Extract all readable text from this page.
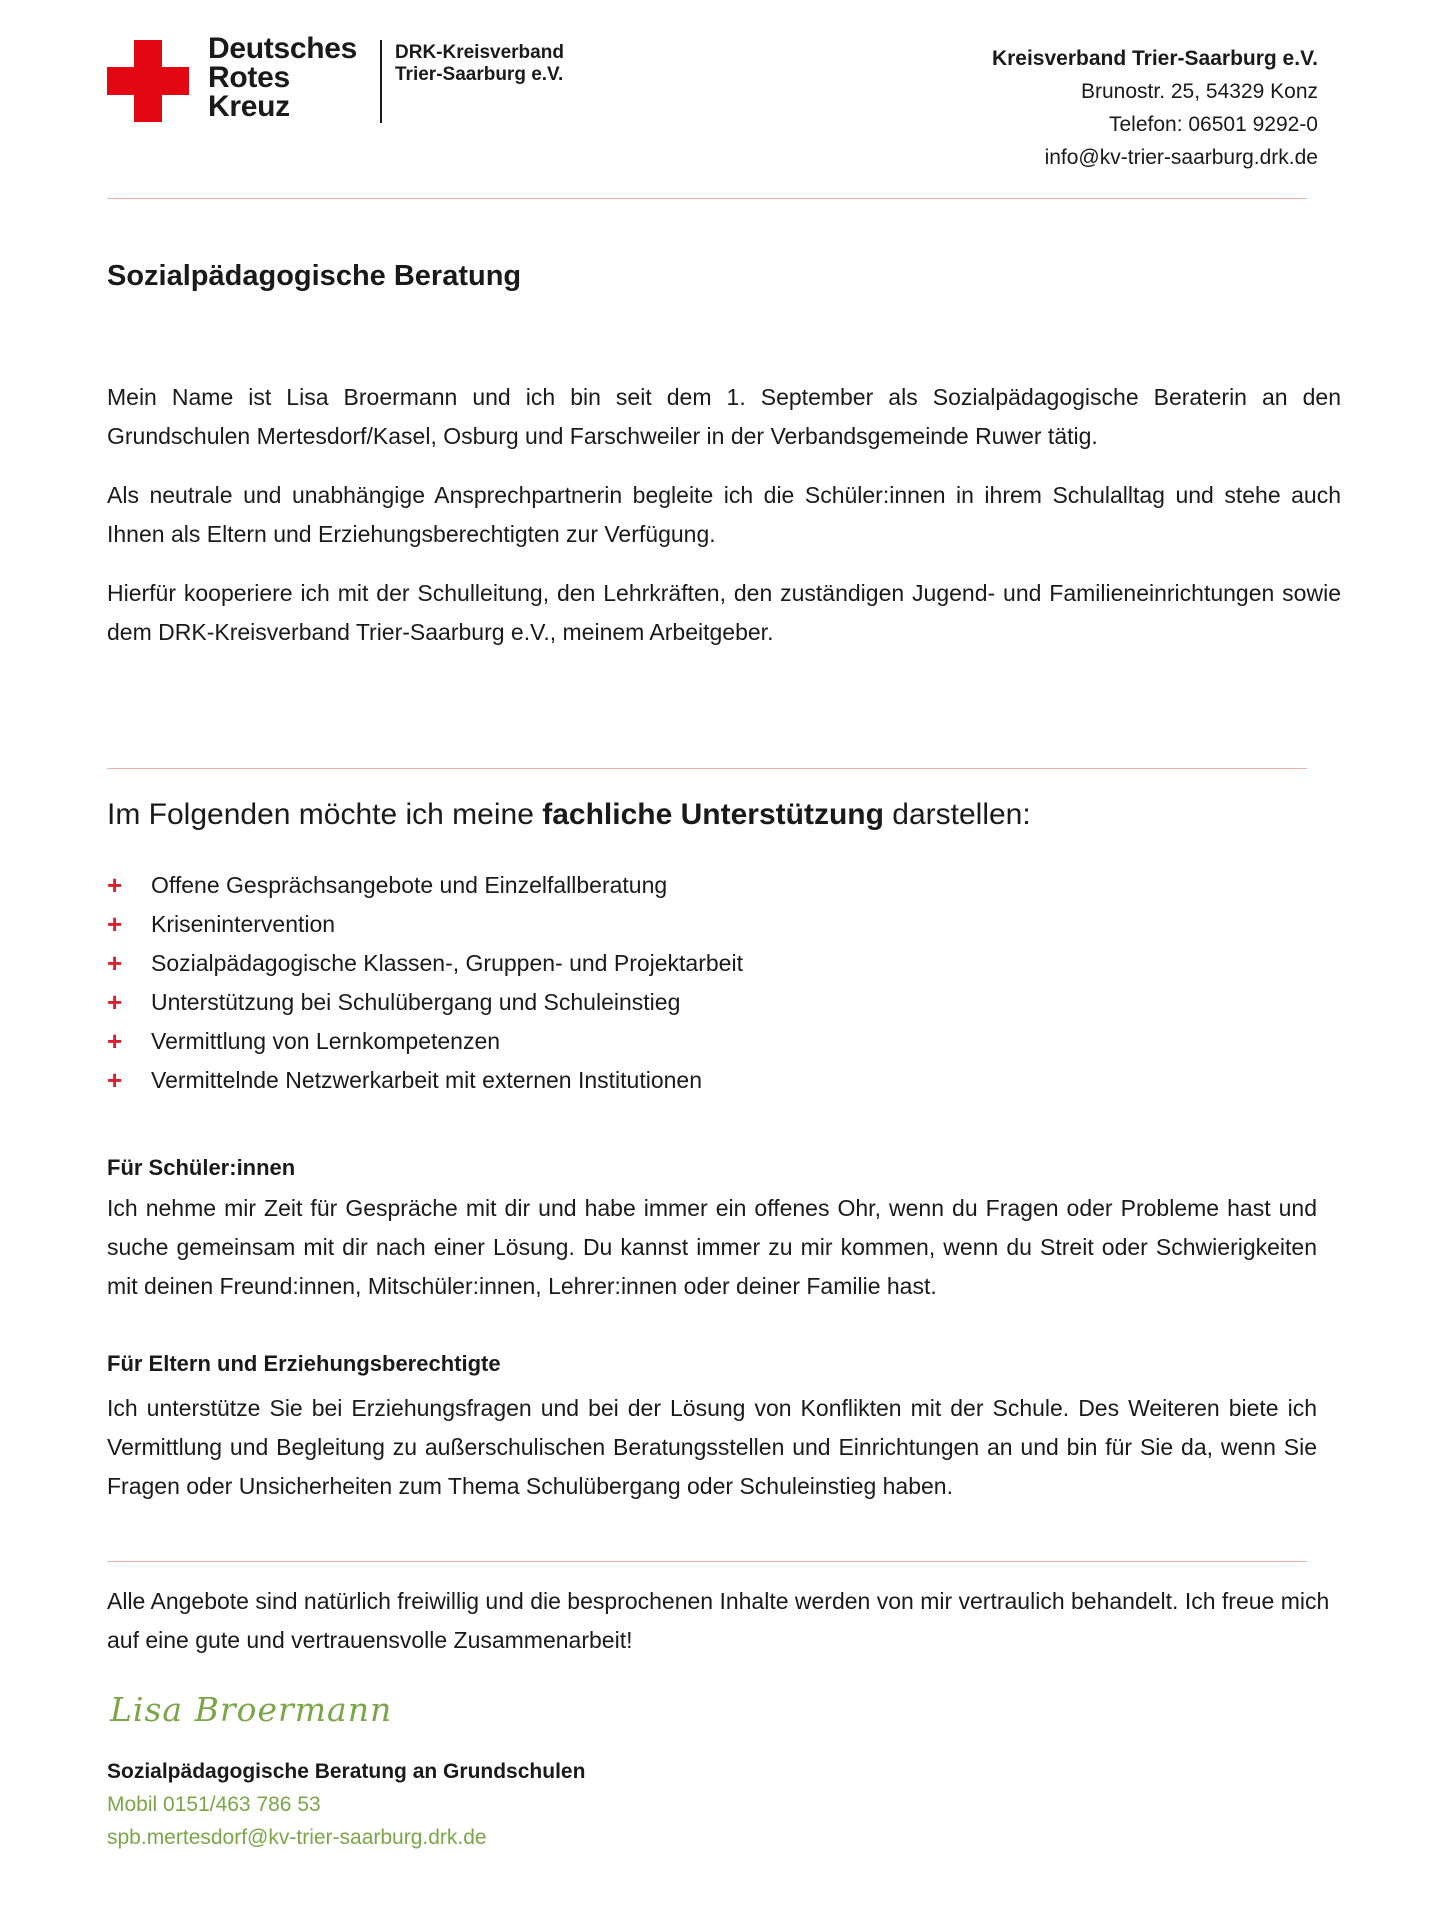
Deutsches
Rotes
Kreuz
DRK-Kreisverband
Trier-Saarburg e.V.
Kreisverband Trier-Saarburg e.V.
Brunostr. 25, 54329 Konz
Telefon: 06501 9292-0
info@kv-trier-saarburg.drk.de
Sozialpädagogische Beratung

Mein Name ist Lisa Broermann und ich bin seit dem 1. September als Sozialpädagogische Beraterin an den Grundschulen Mertesdorf/Kasel, Osburg und Farschweiler in der Verbandsgemeinde Ruwer tätig.

Als neutrale und unabhängige Ansprechpartnerin begleite ich die Schüler:innen in ihrem Schulalltag und stehe auch Ihnen als Eltern und Erziehungsberechtigten zur Verfügung.

Hierfür kooperiere ich mit der Schulleitung, den Lehrkräften, den zuständigen Jugend- und Familieneinrichtungen sowie dem DRK-Kreisverband Trier-Saarburg e.V., meinem Arbeitgeber.

Im Folgenden möchte ich meine fachliche Unterstützung darstellen:
+ Offene Gesprächsangebote und Einzelfallberatung
+ Krisenintervention
+ Sozialpädagogische Klassen-, Gruppen- und Projektarbeit
+ Unterstützung bei Schulübergang und Schuleinstieg
+ Vermittlung von Lernkompetenzen
+ Vermittelnde Netzwerkarbeit mit externen Institutionen
Für Schüler:innen

Ich nehme mir Zeit für Gespräche mit dir und habe immer ein offenes Ohr, wenn du Fragen oder Probleme hast und suche gemeinsam mit dir nach einer Lösung. Du kannst immer zu mir kommen, wenn du Streit oder Schwierigkeiten mit deinen Freund:innen, Mitschüler:innen, Lehrer:innen oder deiner Familie hast.

Für Eltern und Erziehungsberechtigte

Ich unterstütze Sie bei Erziehungsfragen und bei der Lösung von Konflikten mit der Schule. Des Weiteren biete ich Vermittlung und Begleitung zu außerschulischen Beratungsstellen und Einrichtungen an und bin für Sie da, wenn Sie Fragen oder Unsicherheiten zum Thema Schulübergang oder Schuleinstieg haben.

Alle Angebote sind natürlich freiwillig und die besprochenen Inhalte werden von mir vertraulich behandelt. Ich freue mich auf eine gute und vertrauensvolle Zusammenarbeit!

Lisa Broermann
Sozialpädagogische Beratung an Grundschulen
Mobil 0151/463 786 53
spb.mertesdorf@kv-trier-saarburg.drk.de
